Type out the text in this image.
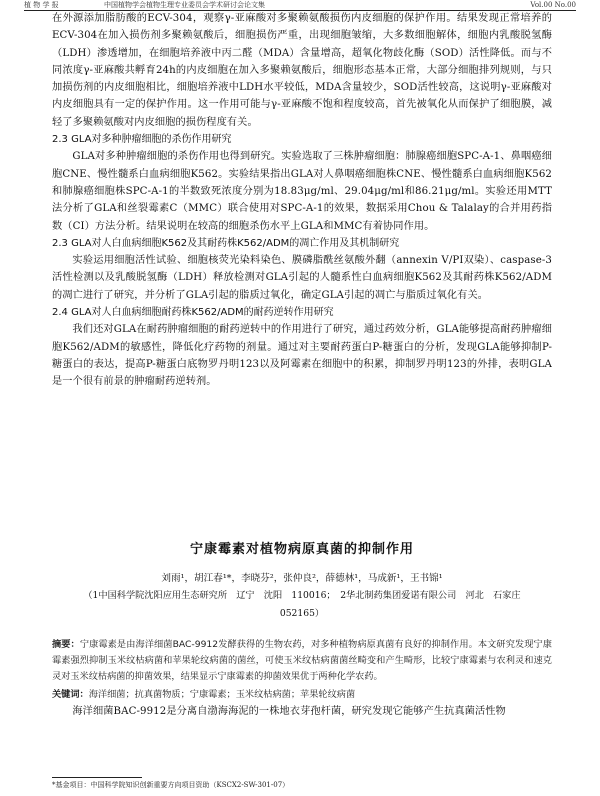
植 物 学 报	中国植物学会植物生理专业委员会学术研讨会论文集	Vol.00 No.00

在外源添加脂肪酸的ECV-304，观察γ-亚麻酸对多聚赖氨酸损伤内皮细胞的保护作用。结果发现正常培养的ECV-304在加入损伤剂多聚赖氨酸后，细胞损伤严重，出现细胞皱缩，大多数细胞解体，细胞内乳酸脱氢酶（LDH）渗透增加，在细胞培养液中丙二醛（MDA）含量增高，超氧化物歧化酶（SOD）活性降低。而与不同浓度γ-亚麻酸共孵育24h的内皮细胞在加入多聚赖氨酸后，细胞形态基本正常，大部分细胞排列规则，与只加损伤剂的内皮细胞相比，细胞培养液中LDH水平较低，MDA含量较少，SOD活性较高，这说明γ-亚麻酸对内皮细胞具有一定的保护作用。这一作用可能与γ-亚麻酸不饱和程度较高，首先被氧化从而保护了细胞膜，减轻了多聚赖氨酸对内皮细胞的损伤程度有关。

2.3 GLA对多种肿瘤细胞的杀伤作用研究

GLA对多种肿瘤细胞的杀伤作用也得到研究。实验选取了三株肿瘤细胞：肺腺癌细胞SPC-A-1、鼻咽癌细胞CNE、慢性髓系白血病细胞K562。实验结果指出GLA对人鼻咽癌细胞株CNE、慢性髓系白血病细胞K562和肺腺癌细胞株SPC-A-1的半数致死浓度分别为18.83μg/ml、29.04μg/ml和86.21μg/ml。实验还用MTT法分析了GLA和丝裂霉素C（MMC）联合使用对SPC-A-1的效果，数据采用Chou & Talalay的合并用药指数（CI）方法分析。结果说明在较高的细胞杀伤水平上GLA和MMC有着协同作用。

2.3 GLA对人白血病细胞K562及其耐药株K562/ADM的凋亡作用及其机制研究

实验运用细胞活性试验、细胞核荧光染料染色、膜磷脂酰丝氨酸外翻（annexin V/PI双染）、caspase-3活性检测以及乳酸脱氢酶（LDH）释放检测对GLA引起的人髓系性白血病细胞K562及其耐药株K562/ADM的凋亡进行了研究，并分析了GLA引起的脂质过氧化，确定GLA引起的凋亡与脂质过氧化有关。

2.4 GLA对人白血病细胞耐药株K562/ADM的耐药逆转作用研究

我们还对GLA在耐药肿瘤细胞的耐药逆转中的作用进行了研究，通过药效分析，GLA能够提高耐药肿瘤细胞K562/ADM的敏感性，降低化疗药物的剂量。通过对主要耐药蛋白P-糖蛋白的分析，发现GLA能够抑制P-糖蛋白的表达，提高P-糖蛋白底物罗丹明123以及阿霉素在细胞中的积累，抑制罗丹明123的外排，表明GLA是一个很有前景的肿瘤耐药逆转剂。

宁康霉素对植物病原真菌的抑制作用

刘雨¹，胡江春¹*，李晓芬²，张仲良²，薛德林¹，马成新¹，王书锦¹

（1中国科学院沈阳应用生态研究所　辽宁　沈阳　110016；　2华北制药集团爱诺有限公司　河北　石家庄　052165）

摘要：宁康霉素是由海洋细菌BAC-9912发酵获得的生物农药，对多种植物病原真菌有良好的抑制作用。本文研究发现宁康霉素强烈抑制玉米纹枯病菌和苹果轮纹病菌的菌丝，可使玉米纹枯病菌菌丝畸变和产生畸形，比较宁康霉素与农利灵和速克灵对玉米纹枯病菌的抑菌效果，结果显示宁康霉素的抑菌效果优于两种化学农药。

关键词：海洋细菌；抗真菌物质；宁康霉素；玉米纹枯病菌；苹果轮纹病菌

海洋细菌BAC-9912是分离自渤海海泥的一株地衣芽孢杆菌，研究发现它能够产生抗真菌活性物

*基金项目：中国科学院知识创新重要方向项目资助（KSCX2-SW-301-07）
